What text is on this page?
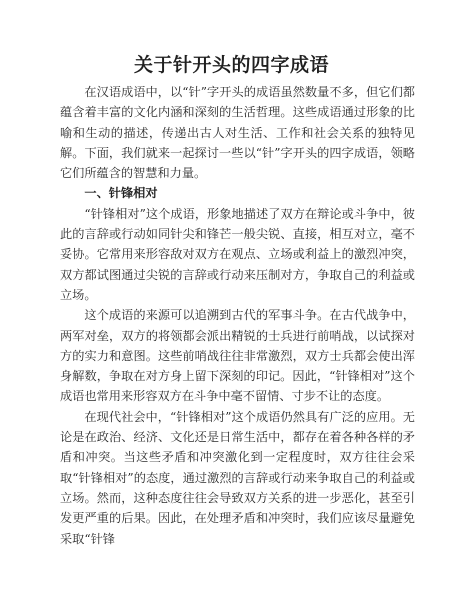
关于针开头的四字成语

在汉语成语中，以“针”字开头的成语虽然数量不多，但它们都蕴含着丰富的文化内涵和深刻的生活哲理。这些成语通过形象的比喻和生动的描述，传递出古人对生活、工作和社会关系的独特见解。下面，我们就来一起探讨一些以“针”字开头的四字成语，领略它们所蕴含的智慧和力量。

一、针锋相对

“针锋相对”这个成语，形象地描述了双方在辩论或斗争中，彼此的言辞或行动如同针尖和锋芒一般尖锐、直接，相互对立，毫不妥协。它常用来形容敌对双方在观点、立场或利益上的激烈冲突，双方都试图通过尖锐的言辞或行动来压制对方，争取自己的利益或立场。

这个成语的来源可以追溯到古代的军事斗争。在古代战争中，两军对垒，双方的将领都会派出精锐的士兵进行前哨战，以试探对方的实力和意图。这些前哨战往往非常激烈，双方士兵都会使出浑身解数，争取在对方身上留下深刻的印记。因此，“针锋相对”这个成语也常用来形容双方在斗争中毫不留情、寸步不让的态度。

在现代社会中，“针锋相对”这个成语仍然具有广泛的应用。无论是在政治、经济、文化还是日常生活中，都存在着各种各样的矛盾和冲突。当这些矛盾和冲突激化到一定程度时，双方往往会采取“针锋相对”的态度，通过激烈的言辞或行动来争取自己的利益或立场。然而，这种态度往往会导致双方关系的进一步恶化，甚至引发更严重的后果。因此，在处理矛盾和冲突时，我们应该尽量避免采取“针锋
